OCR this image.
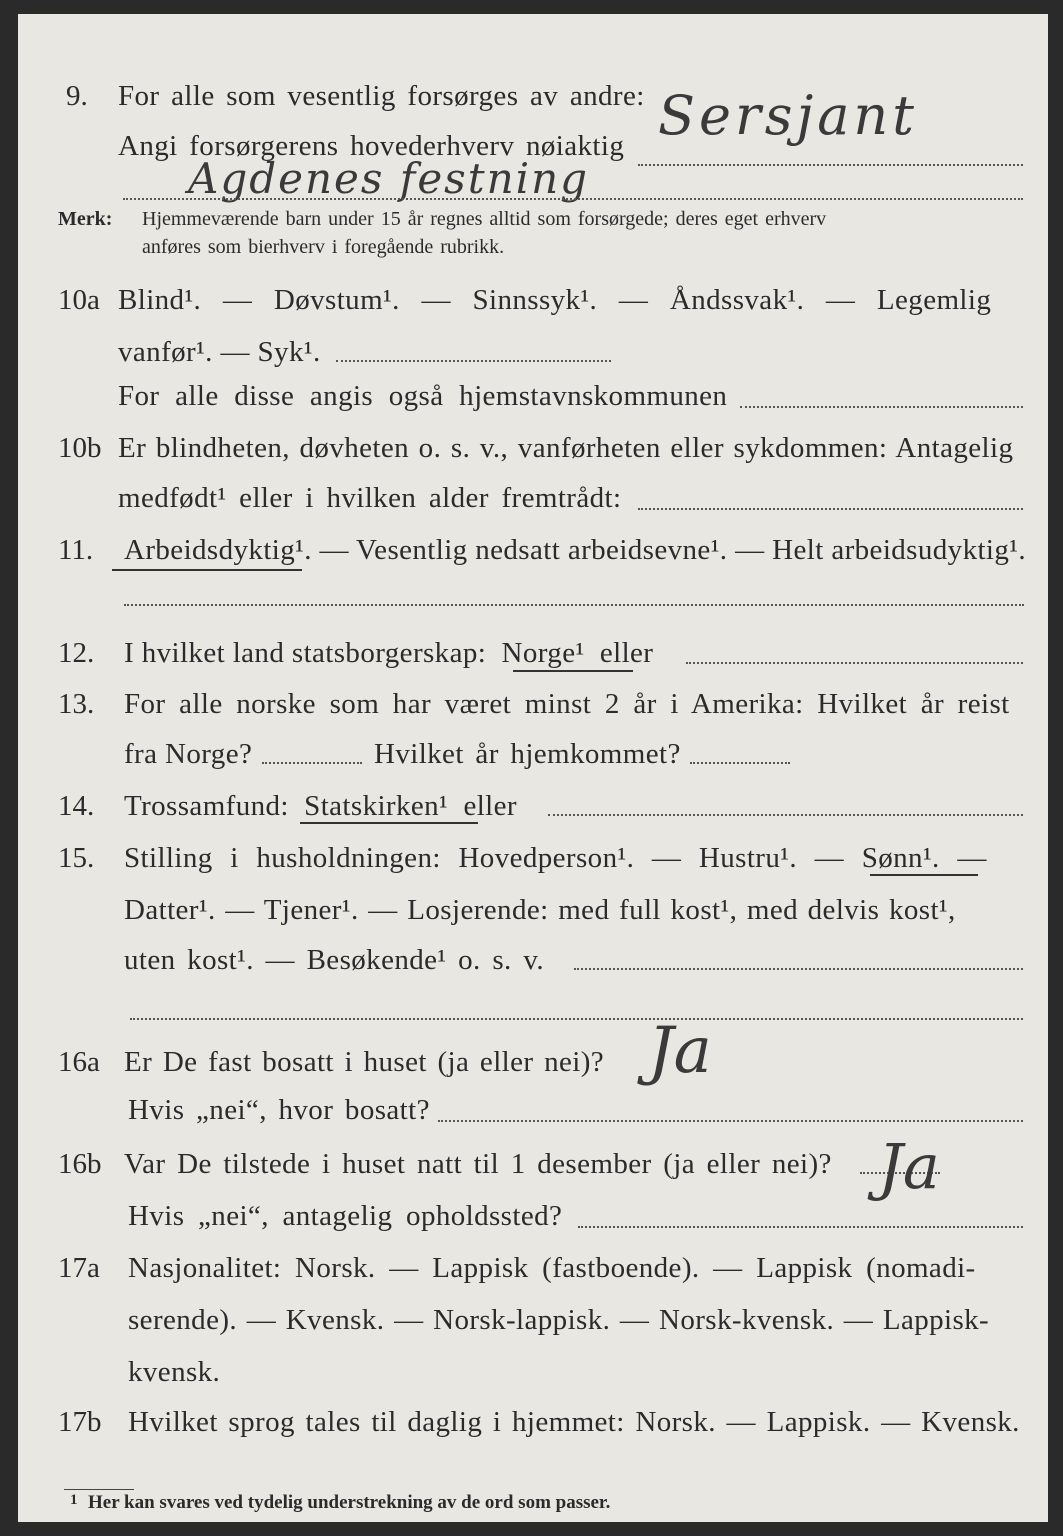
9. For alle som vesentlig forsørges av andre:
Angi forsørgerens hovederhverv nøiaktig Sersjant
Agdenes festning
Merk: Hjemmeværende barn under 15 år regnes alltid som forsørgede; deres eget erhverv
anføres som bierhverv i foregående rubrikk.
10a Blind¹. — Døvstum¹. — Sinnssyk¹. — Åndssvak¹. — Legemlig
vanfør¹. — Syk¹.
For alle disse angis også hjemstavnskommunen
10b Er blindheten, døvheten o. s. v., vanførheten eller sykdommen: Antagelig
medfødt¹ eller i hvilken alder fremtrådt:
11. Arbeidsdyktig¹. — Vesentlig nedsatt arbeidsevne¹. — Helt arbeidsudyktig¹.
12. I hvilket land statsborgerskap:  Norge¹  eller
13. For alle norske som har været minst 2 år i Amerika: Hvilket år reist
fra Norge?	Hvilket år hjemkommet?
14. Trossamfund:  Statskirken¹  eller
15. Stilling i husholdningen: Hovedperson¹. — Hustru¹. — Sønn¹. —
Datter¹. — Tjener¹. — Losjerende: med full kost¹, med delvis kost¹,
uten kost¹. — Besøkende¹ o. s. v.
16a Er De fast bosatt i huset (ja eller nei)? Ja
Hvis „nei“, hvor bosatt?
16b Var De tilstede i huset natt til 1 desember (ja eller nei)? Ja
Hvis „nei“, antagelig opholdssted?
17a Nasjonalitet: Norsk. — Lappisk (fastboende). — Lappisk (nomadi-
serende). — Kvensk. — Norsk-lappisk. — Norsk-kvensk. — Lappisk-
kvensk.
17b Hvilket sprog tales til daglig i hjemmet: Norsk. — Lappisk. — Kvensk.
1 Her kan svares ved tydelig understrekning av de ord som passer.
